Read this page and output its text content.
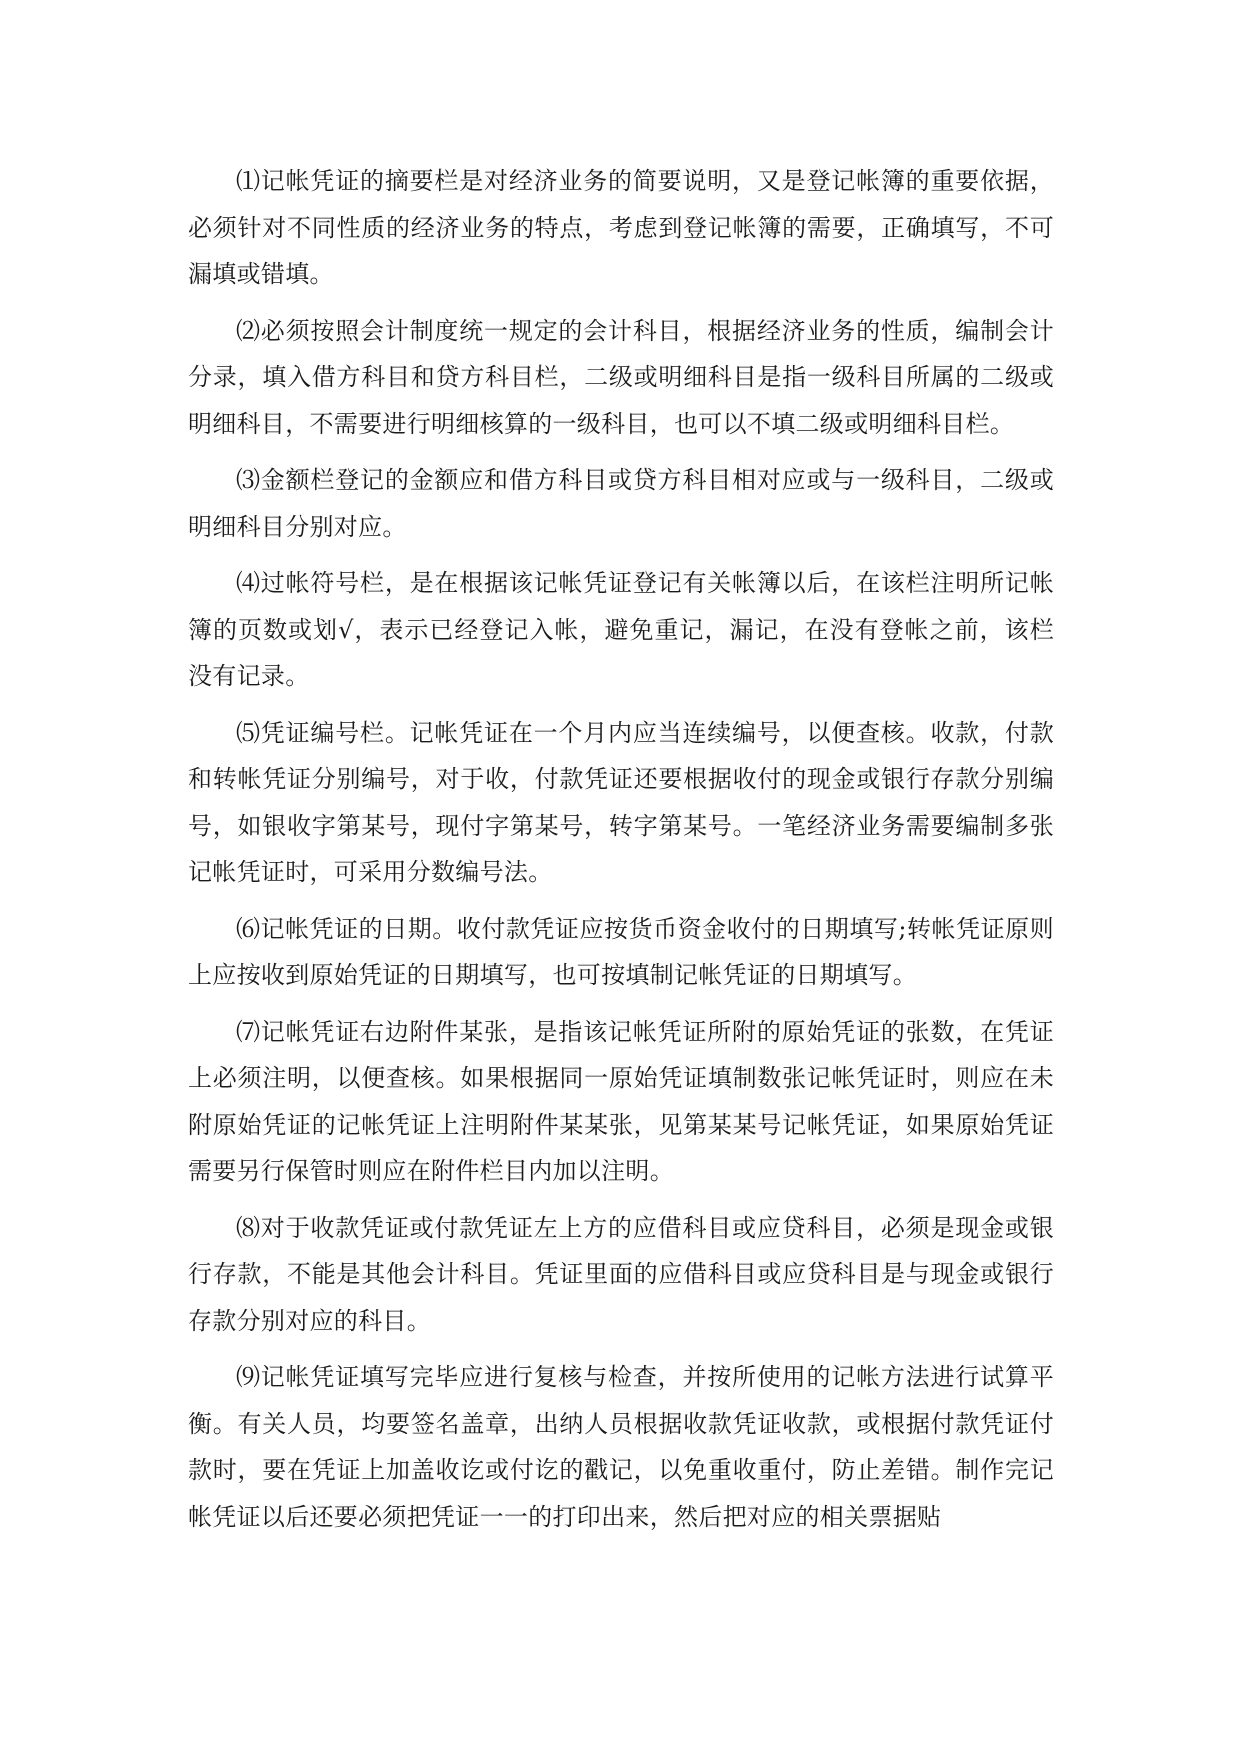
⑴记帐凭证的摘要栏是对经济业务的简要说明，又是登记帐簿的重要依据，必须针对不同性质的经济业务的特点，考虑到登记帐簿的需要，正确填写，不可漏填或错填。

⑵必须按照会计制度统一规定的会计科目，根据经济业务的性质，编制会计分录，填入借方科目和贷方科目栏，二级或明细科目是指一级科目所属的二级或明细科目，不需要进行明细核算的一级科目，也可以不填二级或明细科目栏。

⑶金额栏登记的金额应和借方科目或贷方科目相对应或与一级科目，二级或明细科目分别对应。

⑷过帐符号栏，是在根据该记帐凭证登记有关帐簿以后，在该栏注明所记帐簿的页数或划√，表示已经登记入帐，避免重记，漏记，在没有登帐之前，该栏没有记录。

⑸凭证编号栏。记帐凭证在一个月内应当连续编号，以便查核。收款，付款和转帐凭证分别编号，对于收，付款凭证还要根据收付的现金或银行存款分别编号，如银收字第某号，现付字第某号，转字第某号。一笔经济业务需要编制多张记帐凭证时，可采用分数编号法。

⑹记帐凭证的日期。收付款凭证应按货币资金收付的日期填写;转帐凭证原则上应按收到原始凭证的日期填写，也可按填制记帐凭证的日期填写。

⑺记帐凭证右边附件某张，是指该记帐凭证所附的原始凭证的张数，在凭证上必须注明，以便查核。如果根据同一原始凭证填制数张记帐凭证时，则应在未附原始凭证的记帐凭证上注明附件某某张，见第某某号记帐凭证，如果原始凭证需要另行保管时则应在附件栏目内加以注明。

⑻对于收款凭证或付款凭证左上方的应借科目或应贷科目，必须是现金或银行存款，不能是其他会计科目。凭证里面的应借科目或应贷科目是与现金或银行存款分别对应的科目。

⑼记帐凭证填写完毕应进行复核与检查，并按所使用的记帐方法进行试算平衡。有关人员，均要签名盖章，出纳人员根据收款凭证收款，或根据付款凭证付款时，要在凭证上加盖收讫或付讫的戳记，以免重收重付，防止差错。制作完记帐凭证以后还要必须把凭证一一的打印出来，然后把对应的相关票据贴
